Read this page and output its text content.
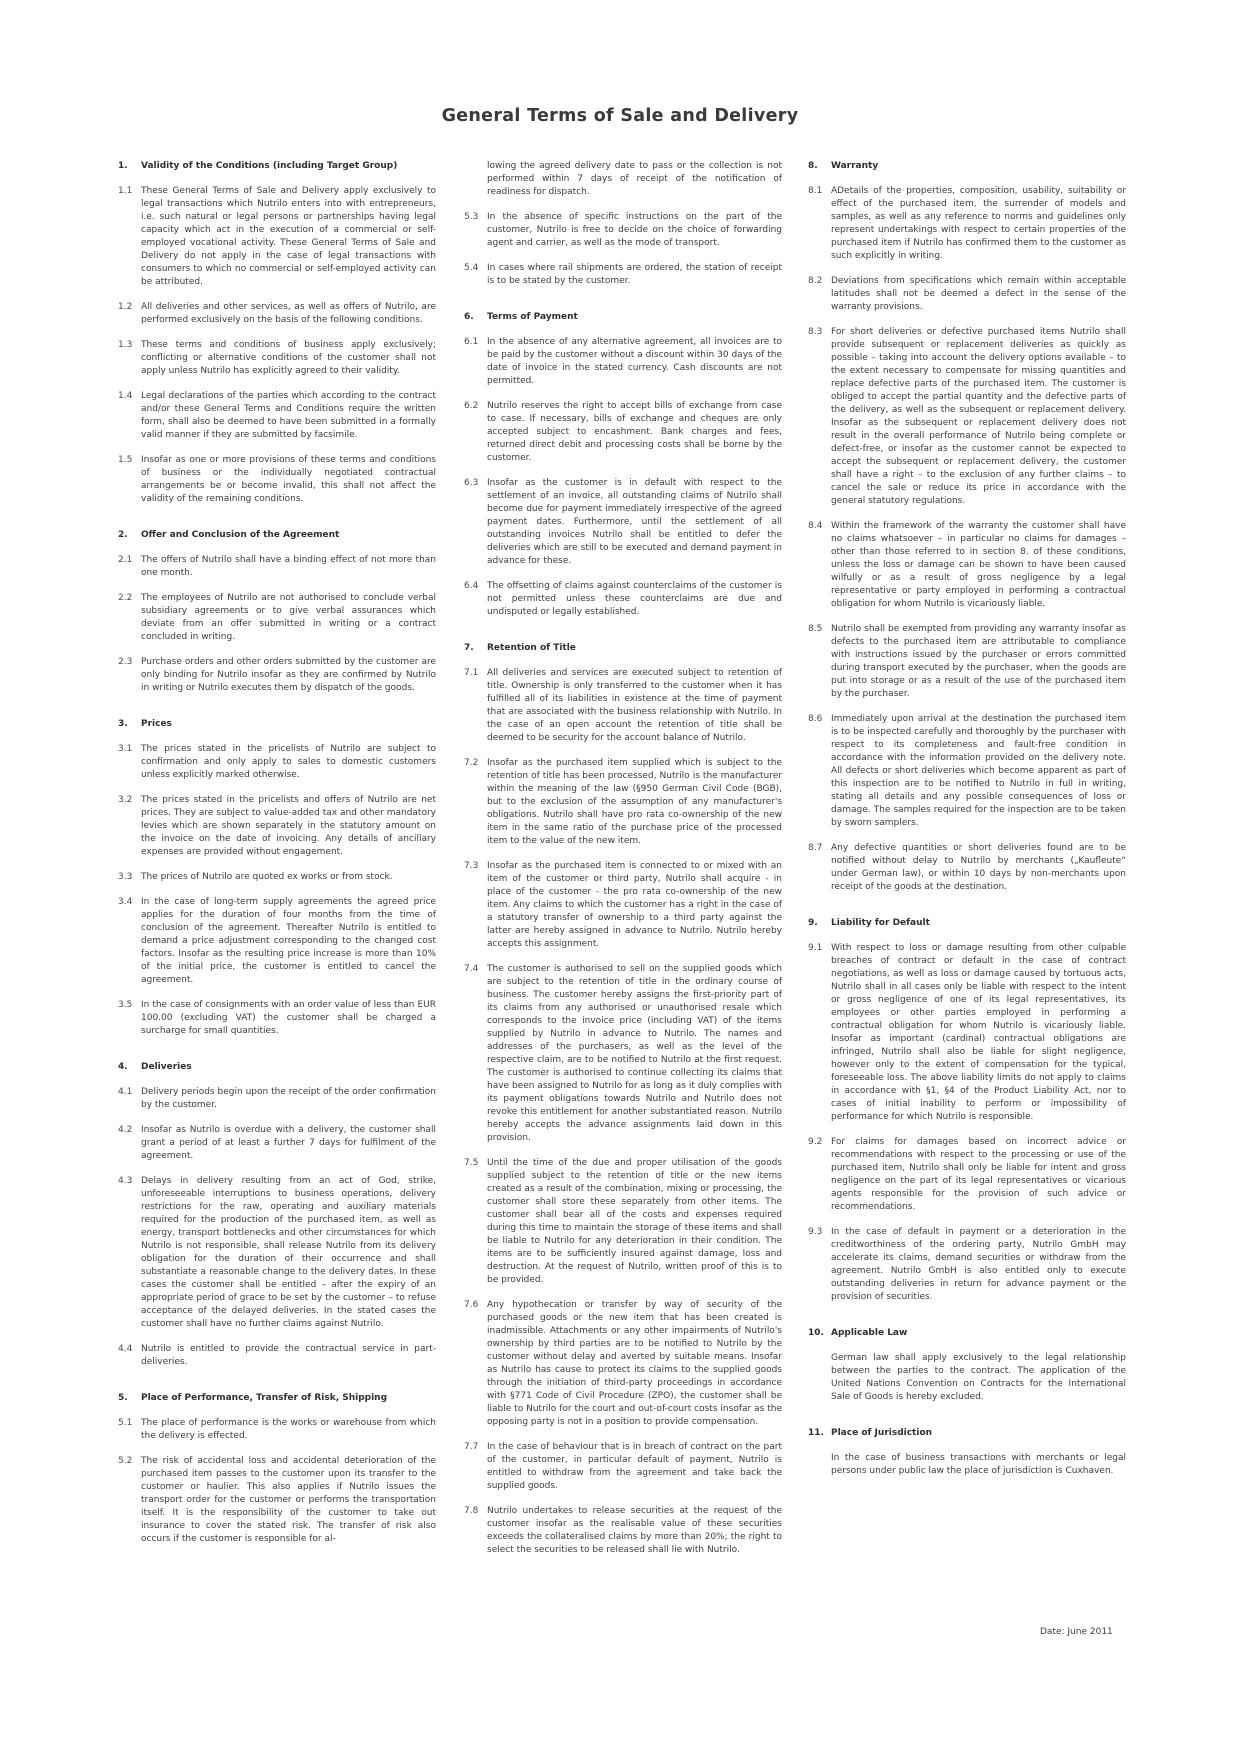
General Terms of Sale and Delivery
1.	Validity of the Conditions (including Target Group)
1.1 These General Terms of Sale and Delivery apply exclusively to legal transactions which Nutrilo enters into with entrepreneurs, i.e. such natural or legal persons or partnerships having legal capacity which act in the execution of a commercial or self-employed vocational activity. These General Terms of Sale and Delivery do not apply in the case of legal transactions with consumers to which no commercial or self-employed activity can be attributed.
1.2 All deliveries and other services, as well as offers of Nutrilo, are performed exclusively on the basis of the following conditions.
1.3 These terms and conditions of business apply exclusively; conflicting or alternative conditions of the customer shall not apply unless Nutrilo has explicitly agreed to their validity.
1.4 Legal declarations of the parties which according to the contract and/or these General Terms and Conditions require the written form, shall also be deemed to have been submitted in a formally valid manner if they are submitted by facsimile.
1.5 Insofar as one or more provisions of these terms and conditions of business or the individually negotiated contractual arrangements be or become invalid, this shall not affect the validity of the remaining conditions.
2.	Offer and Conclusion of the Agreement
2.1 The offers of Nutrilo shall have a binding effect of not more than one month.
2.2 The employees of Nutrilo are not authorised to conclude verbal subsidiary agreements or to give verbal assurances which deviate from an offer submitted in writing or a contract concluded in writing.
2.3 Purchase orders and other orders submitted by the customer are only binding for Nutrilo insofar as they are confirmed by Nutrilo in writing or Nutrilo executes them by dispatch of the goods.
3.	Prices
3.1 The prices stated in the pricelists of Nutrilo are subject to confirmation and only apply to sales to domestic customers unless explicitly marked otherwise.
3.2 The prices stated in the pricelists and offers of Nutrilo are net prices. They are subject to value-added tax and other mandatory levies which are shown separately in the statutory amount on the invoice on the date of invoicing. Any details of ancillary expenses are provided without engagement.
3.3 The prices of Nutrilo are quoted ex works or from stock.
3.4 In the case of long-term supply agreements the agreed price applies for the duration of four months from the time of conclusion of the agreement. Thereafter Nutrilo is entitled to demand a price adjustment corresponding to the changed cost factors. Insofar as the resulting price increase is more than 10% of the initial price, the customer is entitled to cancel the agreement.
3.5 In the case of consignments with an order value of less than EUR 100.00 (excluding VAT) the customer shall be charged a surcharge for small quantities.
4.	Deliveries
4.1 Delivery periods begin upon the receipt of the order confirmation by the customer.
4.2 Insofar as Nutrilo is overdue with a delivery, the customer shall grant a period of at least a further 7 days for fulfilment of the agreement.
4.3 Delays in delivery resulting from an act of God, strike, unforeseeable interruptions to business operations, delivery restrictions for the raw, operating and auxiliary materials required for the production of the purchased item, as well as energy, transport bottlenecks and other circumstances for which Nutrilo is not responsible, shall release Nutrilo from its delivery obligation for the duration of their occurrence and shall substantiate a reasonable change to the delivery dates. In these cases the customer shall be entitled – after the expiry of an appropriate period of grace to be set by the customer – to refuse acceptance of the delayed deliveries. In the stated cases the customer shall have no further claims against Nutrilo.
4.4 Nutrilo is entitled to provide the contractual service in part-deliveries.
5.	Place of Performance, Transfer of Risk, Shipping
5.1 The place of performance is the works or warehouse from which the delivery is effected.
5.2 The risk of accidental loss and accidental deterioration of the purchased item passes to the customer upon its transfer to the customer or haulier. This also applies if Nutrilo issues the transport order for the customer or performs the transportation itself. It is the responsibility of the customer to take out insurance to cover the stated risk. The transfer of risk also occurs if the customer is responsible for al-
lowing the agreed delivery date to pass or the collection is not performed within 7 days of receipt of the notification of readiness for dispatch.
5.3 In the absence of specific instructions on the part of the customer, Nutrilo is free to decide on the choice of forwarding agent and carrier, as well as the mode of transport.
5.4 In cases where rail shipments are ordered, the station of receipt is to be stated by the customer.
6.	Terms of Payment
6.1 In the absence of any alternative agreement, all invoices are to be paid by the customer without a discount within 30 days of the date of invoice in the stated currency. Cash discounts are not permitted.
6.2 Nutrilo reserves the right to accept bills of exchange from case to case. If necessary, bills of exchange and cheques are only accepted subject to encashment. Bank charges and fees, returned direct debit and processing costs shall be borne by the customer.
6.3 Insofar as the customer is in default with respect to the settlement of an invoice, all outstanding claims of Nutrilo shall become due for payment immediately irrespective of the agreed payment dates. Furthermore, until the settlement of all outstanding invoices Nutrilo shall be entitled to defer the deliveries which are still to be executed and demand payment in advance for these.
6.4 The offsetting of claims against counterclaims of the customer is not permitted unless these counterclaims are due and undisputed or legally established.
7.	Retention of Title
7.1 All deliveries and services are executed subject to retention of title. Ownership is only transferred to the customer when it has fulfilled all of its liabilities in existence at the time of payment that are associated with the business relationship with Nutrilo. In the case of an open account the retention of title shall be deemed to be security for the account balance of Nutrilo.
7.2 Insofar as the purchased item supplied which is subject to the retention of title has been processed, Nutrilo is the manufacturer within the meaning of the law (§950 German Civil Code (BGB), but to the exclusion of the assumption of any manufacturer's obligations. Nutrilo shall have pro rata co-ownership of the new item in the same ratio of the purchase price of the processed item to the value of the new item.
7.3 Insofar as the purchased item is connected to or mixed with an item of the customer or third party, Nutrilo shall acquire - in place of the customer - the pro rata co-ownership of the new item. Any claims to which the customer has a right in the case of a statutory transfer of ownership to a third party against the latter are hereby assigned in advance to Nutrilo. Nutrilo hereby accepts this assignment.
7.4 The customer is authorised to sell on the supplied goods which are subject to the retention of title in the ordinary course of business. The customer hereby assigns the first-priority part of its claims from any authorised or unauthorised resale which corresponds to the invoice price (including VAT) of the items supplied by Nutrilo in advance to Nutrilo. The names and addresses of the purchasers, as well as the level of the respective claim, are to be notified to Nutrilo at the first request. The customer is authorised to continue collecting its claims that have been assigned to Nutrilo for as long as it duly complies with its payment obligations towards Nutrilo and Nutrilo does not revoke this entitlement for another substantiated reason. Nutrilo hereby accepts the advance assignments laid down in this provision.
7.5 Until the time of the due and proper utilisation of the goods supplied subject to the retention of title or the new items created as a result of the combination, mixing or processing, the customer shall store these separately from other items. The customer shall bear all of the costs and expenses required during this time to maintain the storage of these items and shall be liable to Nutrilo for any deterioration in their condition. The items are to be sufficiently insured against damage, loss and destruction. At the request of Nutrilo, written proof of this is to be provided.
7.6 Any hypothecation or transfer by way of security of the purchased goods or the new item that has been created is inadmissible. Attachments or any other impairments of Nutrilo's ownership by third parties are to be notified to Nutrilo by the customer without delay and averted by suitable means. Insofar as Nutrilo has cause to protect its claims to the supplied goods through the initiation of third-party proceedings in accordance with §771 Code of Civil Procedure (ZPO), the customer shall be liable to Nutrilo for the court and out-of-court costs insofar as the opposing party is not in a position to provide compensation.
7.7 In the case of behaviour that is in breach of contract on the part of the customer, in particular default of payment, Nutrilo is entitled to withdraw from the agreement and take back the supplied goods.
7.8 Nutrilo undertakes to release securities at the request of the customer insofar as the realisable value of these securities exceeds the collateralised claims by more than 20%; the right to select the securities to be released shall lie with Nutrilo.
8.	Warranty
8.1 ADetails of the properties, composition, usability, suitability or effect of the purchased item, the surrender of models and samples, as well as any reference to norms and guidelines only represent undertakings with respect to certain properties of the purchased item if Nutrilo has confirmed them to the customer as such explicitly in writing.
8.2 Deviations from specifications which remain within acceptable latitudes shall not be deemed a defect in the sense of the warranty provisions.
8.3 For short deliveries or defective purchased items Nutrilo shall provide subsequent or replacement deliveries as quickly as possible – taking into account the delivery options available – to the extent necessary to compensate for missing quantities and replace defective parts of the purchased item. The customer is obliged to accept the partial quantity and the defective parts of the delivery, as well as the subsequent or replacement delivery. Insofar as the subsequent or replacement delivery does not result in the overall performance of Nutrilo being complete or defect-free, or insofar as the customer cannot be expected to accept the subsequent or replacement delivery, the customer shall have a right – to the exclusion of any further claims – to cancel the sale or reduce its price in accordance with the general statutory regulations.
8.4 Within the framework of the warranty the customer shall have no claims whatsoever – in particular no claims for damages – other than those referred to in section 8. of these conditions, unless the loss or damage can be shown to have been caused wilfully or as a result of gross negligence by a legal representative or party employed in performing a contractual obligation for whom Nutrilo is vicariously liable.
8.5 Nutrilo shall be exempted from providing any warranty insofar as defects to the purchased item are attributable to compliance with instructions issued by the purchaser or errors committed during transport executed by the purchaser, when the goods are put into storage or as a result of the use of the purchased item by the purchaser.
8.6 Immediately upon arrival at the destination the purchased item is to be inspected carefully and thoroughly by the purchaser with respect to its completeness and fault-free condition in accordance with the information provided on the delivery note. All defects or short deliveries which become apparent as part of this inspection are to be notified to Nutrilo in full in writing, stating all details and any possible consequences of loss or damage. The samples required for the inspection are to be taken by sworn samplers.
8.7 Any defective quantities or short deliveries found are to be notified without delay to Nutrilo by merchants („Kaufleute“ under German law), or within 10 days by non-merchants upon receipt of the goods at the destination.
9.	Liability for Default
9.1 With respect to loss or damage resulting from other culpable breaches of contract or default in the case of contract negotiations, as well as loss or damage caused by tortuous acts, Nutrilo shall in all cases only be liable with respect to the intent or gross negligence of one of its legal representatives, its employees or other parties employed in performing a contractual obligation for whom Nutrilo is vicariously liable. Insofar as important (cardinal) contractual obligations are infringed, Nutrilo shall also be liable for slight negligence, however only to the extent of compensation for the typical, foreseeable loss. The above liability limits do not apply to claims in accordance with §1, §4 of the Product Liability Act, nor to cases of initial inability to perform or impossibility of performance for which Nutrilo is responsible.
9.2 For claims for damages based on incorrect advice or recommendations with respect to the processing or use of the purchased item, Nutrilo shall only be liable for intent and gross negligence on the part of its legal representatives or vicarious agents responsible for the provision of such advice or recommendations.
9.3 In the case of default in payment or a deterioration in the creditworthiness of the ordering party, Nutrilo GmbH may accelerate its claims, demand securities or withdraw from the agreement. Nutrilo GmbH is also entitled only to execute outstanding deliveries in return for advance payment or the provision of securities.
10. Applicable Law
German law shall apply exclusively to the legal relationship between the parties to the contract. The application of the United Nations Convention on Contracts for the International Sale of Goods is hereby excluded.
11. Place of Jurisdiction
In the case of business transactions with merchants or legal persons under public law the place of jurisdiction is Cuxhaven.
Date: June 2011
